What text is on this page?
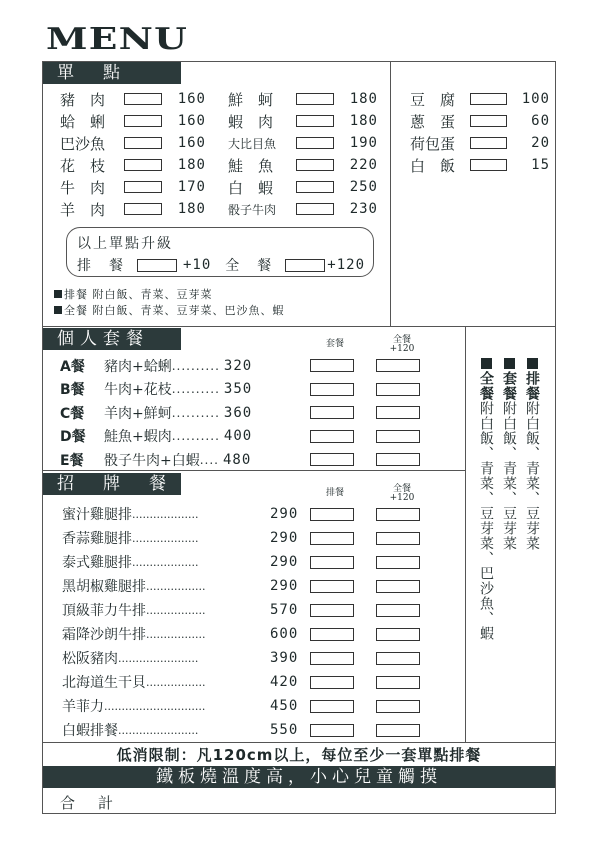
MENU
單　點
豬　肉	160
蛤　蜊	160
巴沙魚	160
花　枝	180
牛　肉	170
羊　肉	180
鮮　蚵	180
蝦　肉	180
大比目魚	190
鮭　魚	220
白　蝦	250
骰子牛肉	230
豆　腐	100
蔥　蛋	60
荷包蛋	20
白　飯	15
以上單點升級
排　餐	+10 全　餐	+120
排餐 附白飯、青菜、豆芽菜
全餐 附白飯、青菜、豆芽菜、巴沙魚、蝦
個人套餐	套餐	全餐
+120
A餐	豬肉+蛤蜊 .......... 320
B餐	牛肉+花枝 .......... 350
C餐	羊肉+鮮蚵 .......... 360
D餐	鮭魚+蝦肉 .......... 400
E餐	骰子牛肉+白蝦 .... 480
招　牌　餐	排餐	全餐
+120
蜜汁雞腿排 ...................	290
香蒜雞腿排 ...................	290
泰式雞腿排 ...................	290
黑胡椒雞腿排 .................	290
頂級菲力牛排 .................	570
霜降沙朗牛排 .................	600
松阪豬肉 .......................	390
北海道生干貝 .................	420
羊菲力 .............................	450
白蝦排餐 .......................	550
排餐附白飯、青菜、豆芽菜
套餐附白飯、青菜、豆芽菜
全餐附白飯、青菜、豆芽菜、巴沙魚、蝦
低消限制：凡120cm以上，每位至少一套單點排餐
鐵板燒溫度高，小心兒童觸摸
合　計
